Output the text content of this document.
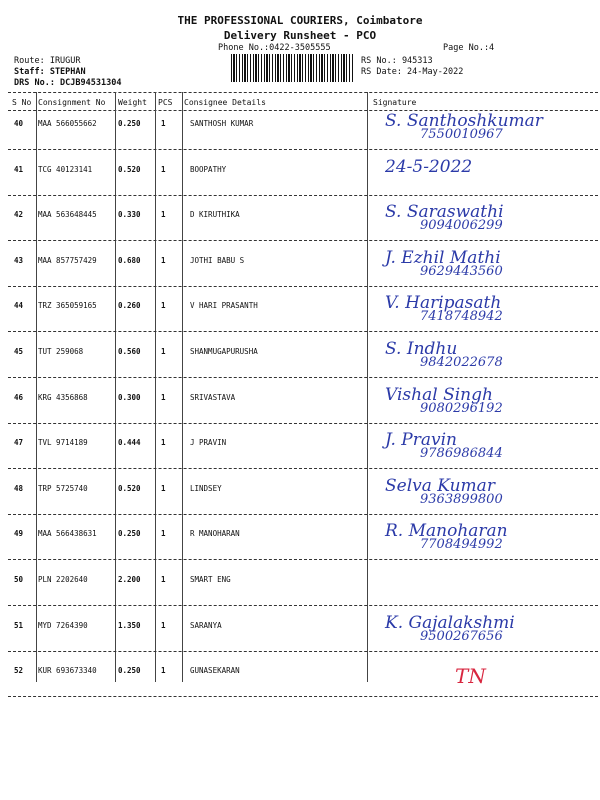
THE PROFESSIONAL COURIERS, Coimbatore
Delivery Runsheet - PCO
Phone No.:0422-3505555	Page No.:4
Route: IRUGUR
Staff: STEPHAN
DRS No.: DCJB94531304
RS No.: 945313
RS Date: 24-May-2022
S No Consignment No Weight PCS Consignee Details	Signature
40 MAA 566055662	0.250	1	SANTHOSH KUMAR	S. Santhoshkumar
7550010967
41 TCG 40123141	0.520	1	BOOPATHY	24-5-2022
42 MAA 563648445	0.330	1	D KIRUTHIKA	S. Saraswathi
9094006299
43 MAA 857757429	0.680	1	JOTHI BABU S	J. Ezhil Mathi
9629443560
44 TRZ 365059165	0.260	1	V HARI PRASANTH	V. Haripasath
7418748942
45 TUT 259068	0.560	1	SHANMUGAPURUSHA	S. Indhu
9842022678
46 KRG 4356868	0.300	1	SRIVASTAVA	Vishal Singh
9080296192
47 TVL 9714189	0.444	1	J PRAVIN	J. Pravin
9786986844
48 TRP 5725740	0.520	1	LINDSEY	Selva Kumar
9363899800
49 MAA 566438631	0.250	1	R MANOHARAN	R. Manoharan
7708494992
50 PLN 2202640	2.200	1	SMART ENG
51 MYD 7264390	1.350	1	SARANYA	K. Gajalakshmi
9500267656
52 KUR 693673340	0.250	1	GUNASEKARAN	TN
SMART ENGINEERING
COIMBATORE
